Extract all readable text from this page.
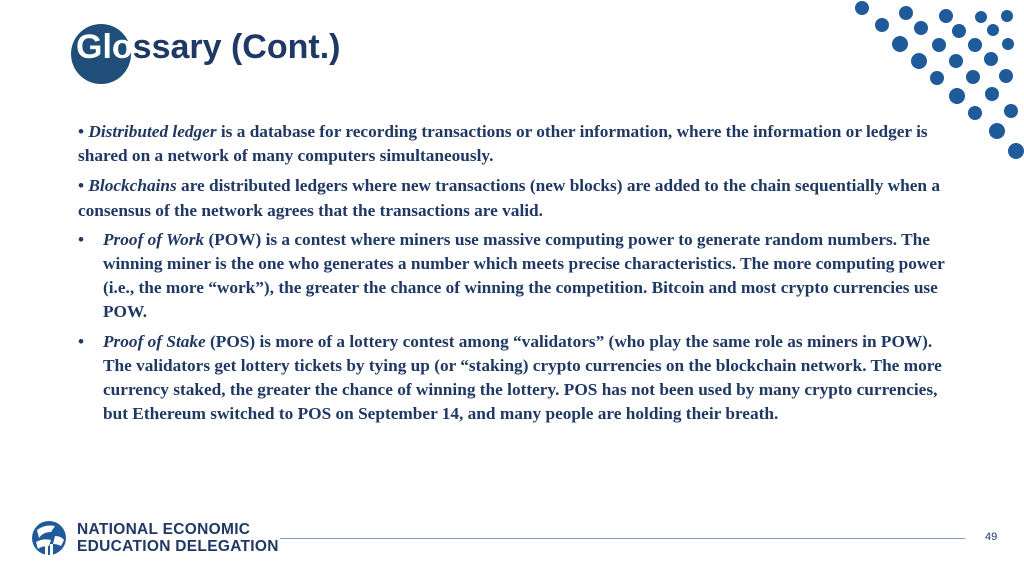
Glossary (Cont.)

• Distributed ledger is a database for recording transactions or other information, where the information or ledger is shared on a network of many computers simultaneously.

• Blockchains are distributed ledgers where new transactions (new blocks) are added to the chain sequentially when a consensus of the network agrees that the transactions are valid.

• Proof of Work (POW) is a contest where miners use massive computing power to generate random numbers. The winning miner is the one who generates a number which meets precise characteristics. The more computing power (i.e., the more “work”), the greater the chance of winning the competition. Bitcoin and most crypto currencies use POW.

• Proof of Stake (POS) is more of a lottery contest among “validators” (who play the same role as miners in POW). The validators get lottery tickets by tying up (or “staking) crypto currencies on the blockchain network. The more currency staked, the greater the chance of winning the lottery. POS has not been used by many crypto currencies, but Ethereum switched to POS on September 14, and many people are holding their breath.

NATIONAL ECONOMIC
EDUCATION DELEGATION
49
